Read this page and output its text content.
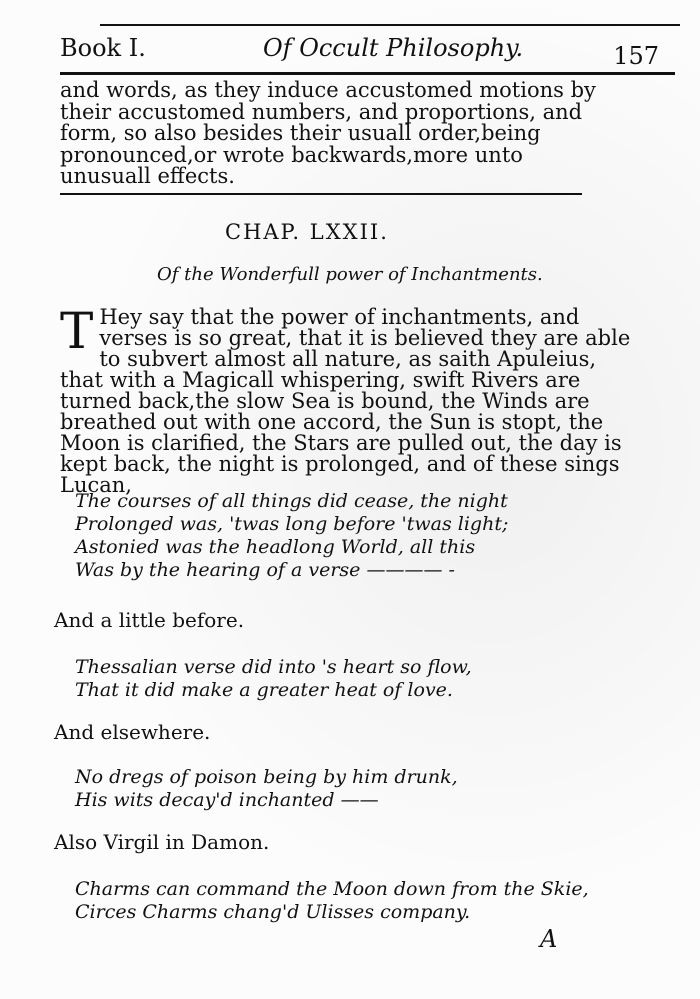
Book I.	Of Occult Philosophy.	157
and words, as they induce accustomed motions by their accustomed numbers, and proportions, and form, so also besides their usuall order,being pronounced,or wrote backwards,more unto unusuall effects.
CHAP. LXXII.
Of the Wonderfull power of Inchantments.
T Hey say that the power of inchantments, and verses is so great, that it is believed they are able to subvert almost all nature, as saith Apuleius, that with a Magicall whispering, swift Rivers are turned back,the slow Sea is bound, the Winds are breathed out with one accord, the Sun is stopt, the Moon is clarified, the Stars are pulled out, the day is kept back, the night is prolonged, and of these sings Lucan,
The courses of all things did cease, the night
Prolonged was, 'twas long before 'twas light;
Astonied was the headlong World, all this
Was by the hearing of a verse ———— -
And a little before.
Thessalian verse did into 's heart so flow,
That it did make a greater heat of love.
And elsewhere.
No dregs of poison being by him drunk,
His wits decay'd inchanted ——
Also Virgil in Damon.
Charms can command the Moon down from the Skie,
Circes Charms chang'd Ulisses company.
A
